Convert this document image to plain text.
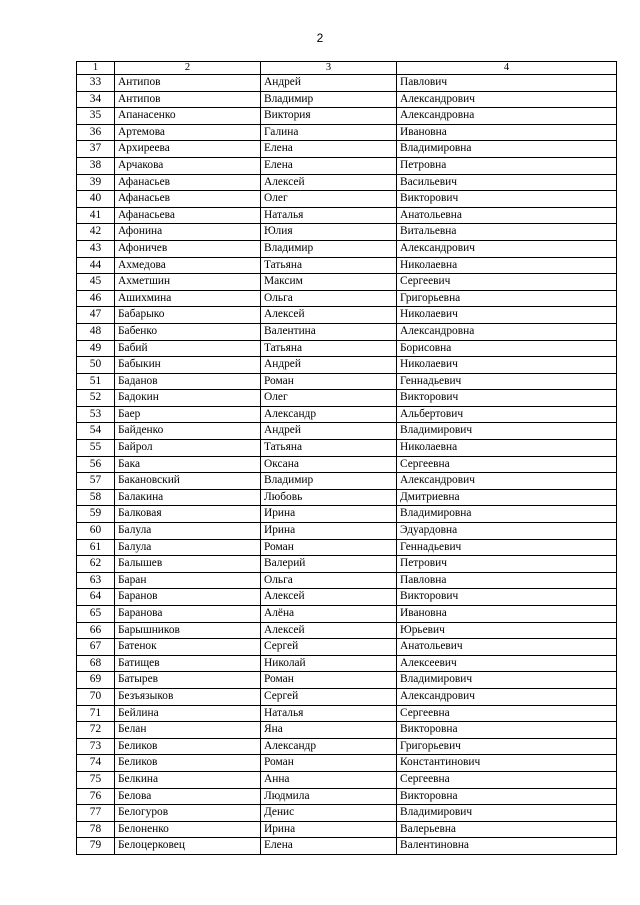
2
1	2	3	4
33	Антипов	Андрей	Павлович
34	Антипов	Владимир	Александрович
35	Апанасенко	Виктория	Александровна
36	Артемова	Галина	Ивановна
37	Архиреева	Елена	Владимировна
38	Арчакова	Елена	Петровна
39	Афанасьев	Алексей	Васильевич
40	Афанасьев	Олег	Викторович
41	Афанасьева	Наталья	Анатольевна
42	Афонина	Юлия	Витальевна
43	Афоничев	Владимир	Александрович
44	Ахмедова	Татьяна	Николаевна
45	Ахметшин	Максим	Сергеевич
46	Ашихмина	Ольга	Григорьевна
47	Бабарыко	Алексей	Николаевич
48	Бабенко	Валентина	Александровна
49	Бабий	Татьяна	Борисовна
50	Бабыкин	Андрей	Николаевич
51	Баданов	Роман	Геннадьевич
52	Бадокин	Олег	Викторович
53	Баер	Александр	Альбертович
54	Байденко	Андрей	Владимирович
55	Байрол	Татьяна	Николаевна
56	Бака	Оксана	Сергеевна
57	Бакановский	Владимир	Александрович
58	Балакина	Любовь	Дмитриевна
59	Балковая	Ирина	Владимировна
60	Балула	Ирина	Эдуардовна
61	Балула	Роман	Геннадьевич
62	Балышев	Валерий	Петрович
63	Баран	Ольга	Павловна
64	Баранов	Алексей	Викторович
65	Баранова	Алёна	Ивановна
66	Барышников	Алексей	Юрьевич
67	Батенок	Сергей	Анатольевич
68	Батищев	Николай	Алексеевич
69	Батырев	Роман	Владимирович
70	Безъязыков	Сергей	Александрович
71	Бейлина	Наталья	Сергеевна
72	Белан	Яна	Викторовна
73	Беликов	Александр	Григорьевич
74	Беликов	Роман	Константинович
75	Белкина	Анна	Сергеевна
76	Белова	Людмила	Викторовна
77	Белогуров	Денис	Владимирович
78	Белоненко	Ирина	Валерьевна
79	Белоцерковец	Елена	Валентиновна
